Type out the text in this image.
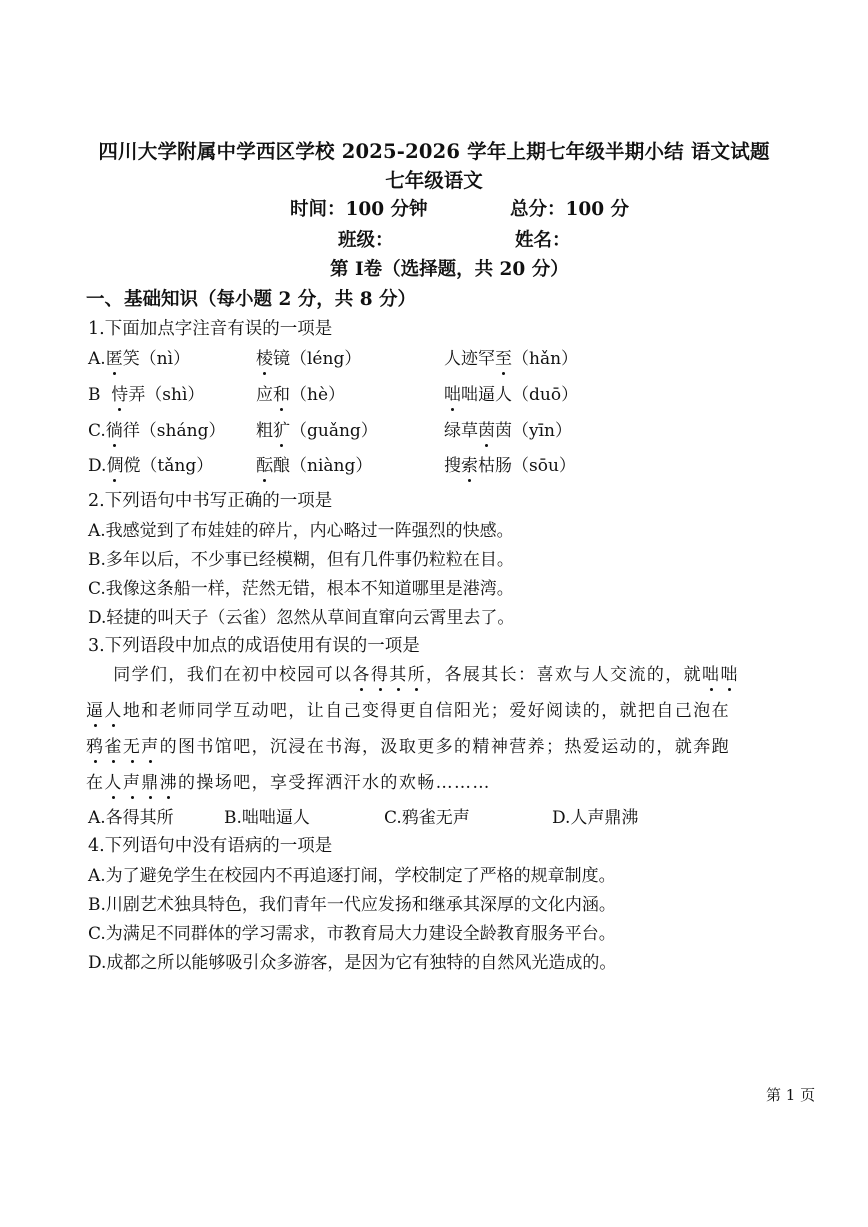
四川大学附属中学西区学校 2025-2026 学年上期七年级半期小结 语文试题
七年级语文
时间：100 分钟	总分：100 分
班级：	姓名：
第 Ⅰ卷（选择题，共 20 分）
一、 基础知识（每小题 2 分，共 8 分）
1.下面加点字注音有误的一项是
A.匿笑（nì）	棱镜（léng）	人迹罕至（hǎn）
B  恃弄（shì）	应和（hè）	咄咄逼人（duō）
C.徜徉（sháng） 粗犷（guǎng）	绿草茵茵（yīn）
D.倜傥（tǎng）	酝酿（niàng）	搜索枯肠（sōu）
2.下列语句中书写正确的一项是
A.我感觉到了布娃娃的碎片，内心略过一阵强烈的快感。
B.多年以后，不少事已经模糊，但有几件事仍粒粒在目。
C.我像这条船一样，茫然无错，根本不知道哪里是港湾。
D.轻捷的叫天子（云雀）忽然从草间直窜向云霄里去了。
3.下列语段中加点的成语使用有误的一项是
同学们，我们在初中校园可以各得其所，各展其长：喜欢与人交流的，就咄咄
逼人地和老师同学互动吧，让自己变得更自信阳光；爱好阅读的，就把自己泡在
鸦雀无声的图书馆吧，沉浸在书海，汲取更多的精神营养；热爱运动的，就奔跑
在人声鼎沸的操场吧，享受挥洒汗水的欢畅………
A.各得其所	B.咄咄逼人	C.鸦雀无声	D.人声鼎沸
4.下列语句中没有语病的一项是
A.为了避免学生在校园内不再追逐打闹，学校制定了严格的规章制度。
B.川剧艺术独具特色，我们青年一代应发扬和继承其深厚的文化内涵。
C.为满足不同群体的学习需求，市教育局大力建设全龄教育服务平台。
D.成都之所以能够吸引众多游客，是因为它有独特的自然风光造成的。
第 1 页
